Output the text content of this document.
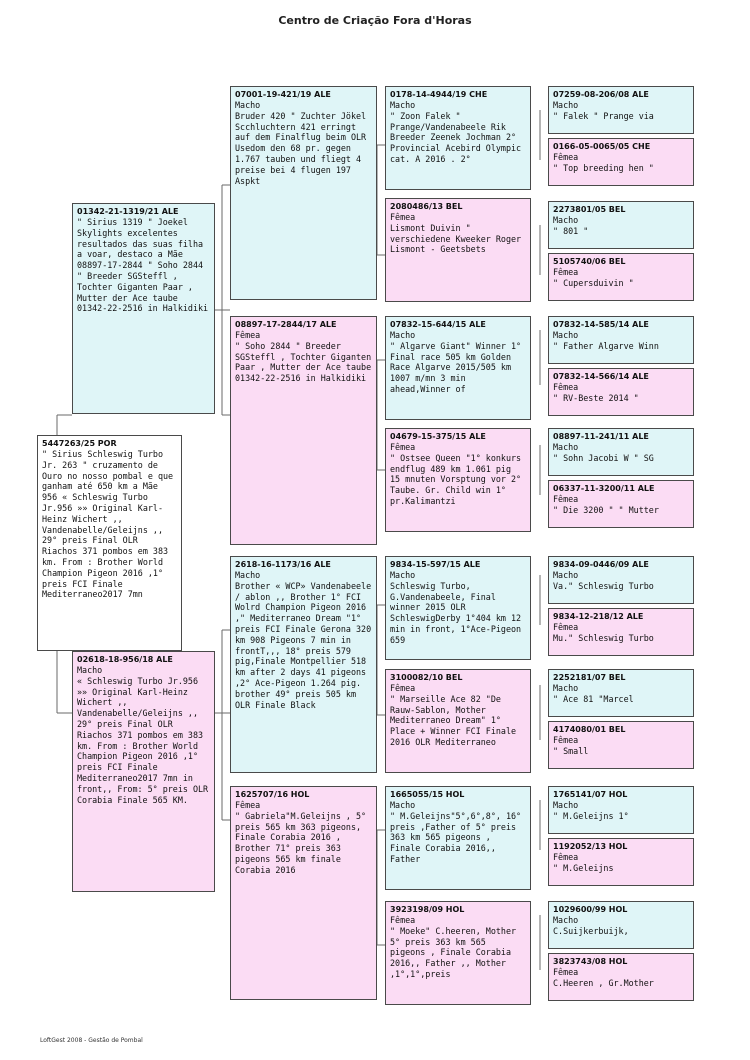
Centro de Criação Fora d'Horas
5447263/25 POR
" Sirius Schleswig Turbo Jr. 263 " cruzamento de Ouro no nosso pombal e que ganham até 650 km a Mãe 956 « Schleswig Turbo Jr.956 »» Original Karl-Heinz Wichert ,, Vandenabelle/Geleijns ,, 29° preis Final OLR Riachos 371 pombos em 383 km. From : Brother World Champion Pigeon 2016 ,1° preis FCI Finale Mediterraneo2017 7mn
01342-21-1319/21 ALE
" Sirius 1319 " Joekel Skylights excelentes resultados das suas filha a voar, destaco a Mãe 08897-17-2844 " Soho 2844 " Breeder SGSteffl , Tochter Giganten Paar , Mutter der Ace taube 01342-22-2516 in Halkidiki
02618-18-956/18 ALE
Macho
« Schleswig Turbo Jr.956 »» Original Karl-Heinz Wichert ,, Vandenabelle/Geleijns ,, 29° preis Final OLR Riachos 371 pombos em 383 km. From : Brother World Champion Pigeon 2016 ,1° preis FCI Finale Mediterraneo2017 7mn in front,, From: 5° preis OLR Corabia Finale 565 KM.
07001-19-421/19 ALE
Macho
Bruder 420 " Zuchter Jökel Scchluchtern 421 erringt auf dem Finalflug beim OLR Usedom den 68 pr. gegen 1.767 tauben und fliegt 4 preise bei 4 flugen 197 Aspkt
08897-17-2844/17 ALE
Fêmea
" Soho 2844 " Breeder SGSteffl , Tochter Giganten Paar , Mutter der Ace taube 01342-22-2516 in Halkidiki
2618-16-1173/16 ALE
Macho
Brother « WCP» Vandenabeele / ablon ,, Brother 1° FCI Wolrd Champion Pigeon 2016 ," Mediterraneo Dream "1° preis FCI Finale Gerona 320 km 908 Pigeons 7 min in frontT,,, 18° preis 579 pig,Finale Montpellier 518 km after 2 days 41 pigeons ,2° Ace-Pigeon 1.264 pig. brother 49° preis 505 km OLR Finale Black
1625707/16 HOL
Fêmea
" Gabriela"M.Geleijns , 5° preis 565 km 363 pigeons, Finale Corabia 2016 , Brother 71° preis 363 pigeons 565 km finale Corabia 2016
0178-14-4944/19 CHE
Macho
" Zoon Falek " Prange/Vandenabeele Rik Breeder Zeenek Jochman 2° Provincial Acebird Olympic cat. A 2016 . 2°
2080486/13 BEL
Fêmea
Lismont Duivin " verschiedene Kweeker Roger Lismont - Geetsbets
07832-15-644/15 ALE
Macho
" Algarve Giant" Winner 1° Final race 505 km Golden Race Algarve 2015/505 km 1007 m/mn 3 min ahead,Winner of
04679-15-375/15 ALE
Fêmea
" Ostsee Queen "1° konkurs endflug 489 km 1.061 pig 15 mnuten Vorsptung vor 2° Taube. Gr. Child win 1° pr.Kalimantzi
9834-15-597/15 ALE
Macho
Schleswig Turbo, G.Vandenabeele, Final winner 2015 OLR SchleswigDerby 1°404 km 12 min in front, 1°Ace-Pigeon 659
3100082/10 BEL
Fêmea
" Marseille Ace 82 "De Rauw-Sablon, Mother Mediterraneo Dream" 1° Place + Winner FCI Finale 2016 OLR Mediterraneo
1665055/15 HOL
Macho
" M.Geleijns"5°,6°,8°, 16° preis ,Father of 5° preis 363 km 565 pigeons , Finale Corabia 2016,, Father
3923198/09 HOL
Fêmea
" Moeke" C.heeren, Mother 5° preis 363 km 565 pigeons , Finale Corabia 2016,, Father ,, Mother ,1°,1°,preis
07259-08-206/08 ALE
Macho
" Falek " Prange via
0166-05-0065/05 CHE
Fêmea
" Top breeding hen "
2273801/05 BEL
Macho
" 801 "
5105740/06 BEL
Fêmea
" Cupersduivin "
07832-14-585/14 ALE
Macho
" Father Algarve Winn
07832-14-566/14 ALE
Fêmea
" RV-Beste 2014 "
08897-11-241/11 ALE
Macho
" Sohn Jacobi W " SG
06337-11-3200/11 ALE
Fêmea
" Die 3200 " " Mutter
9834-09-0446/09 ALE
Macho
Va." Schleswig Turbo
9834-12-218/12 ALE
Fêmea
Mu." Schleswig Turbo
2252181/07 BEL
Macho
" Ace 81 "Marcel
4174080/01 BEL
Fêmea
" Small
1765141/07 HOL
Macho
" M.Geleijns 1°
1192052/13 HOL
Fêmea
" M.Geleijns
1029600/99 HOL
Macho
C.Suijkerbuijk,
3823743/08 HOL
Fêmea
C.Heeren , Gr.Mother
LoftGest 2008 - Gestão de Pombal
